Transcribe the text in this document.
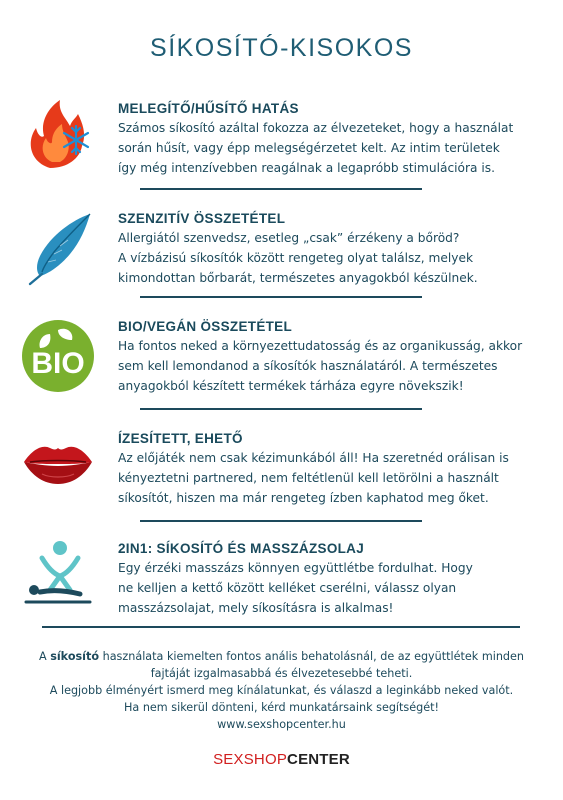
SÍKOSÍTÓ-KISOKOS
MELEGÍTŐ/HŰSÍTŐ HATÁS
Számos síkosító azáltal fokozza az élvezeteket, hogy a használat
során hűsít, vagy épp melegségérzetet kelt. Az intim területek
így még intenzívebben reagálnak a legapróbb stimulációra is.
SZENZITÍV ÖSSZETÉTEL
Allergiától szenvedsz, esetleg „csak” érzékeny a bőröd?
A vízbázisú síkosítók között rengeteg olyat találsz, melyek
kimondottan bőrbarát, természetes anyagokból készülnek.
BIO
BIO/VEGÁN ÖSSZETÉTEL
Ha fontos neked a környezettudatosság és az organikusság, akkor
sem kell lemondanod a síkosítók használatáról. A természetes
anyagokból készített termékek tárháza egyre növekszik!
ÍZESÍTETT, EHETŐ
Az előjáték nem csak kézimunkából áll! Ha szeretnéd orálisan is
kényeztetni partnered, nem feltétlenül kell letörölni a használt
síkosítót, hiszen ma már rengeteg ízben kaphatod meg őket.
2IN1: SÍKOSÍTÓ ÉS MASSZÁZSOLAJ
Egy érzéki masszázs könnyen együttlétbe fordulhat. Hogy
ne kelljen a kettő között kelléket cserélni, válassz olyan
masszázsolajat, mely síkosításra is alkalmas!
A síkosító használata kiemelten fontos anális behatolásnál, de az együttlétek minden
fajtáját izgalmasabbá és élvezetesebbé teheti.
A legjobb élményért ismerd meg kínálatunkat, és válaszd a leginkább neked valót.
Ha nem sikerül dönteni, kérd munkatársaink segítségét!
www.sexshopcenter.hu
SEXSHOPCENTER
